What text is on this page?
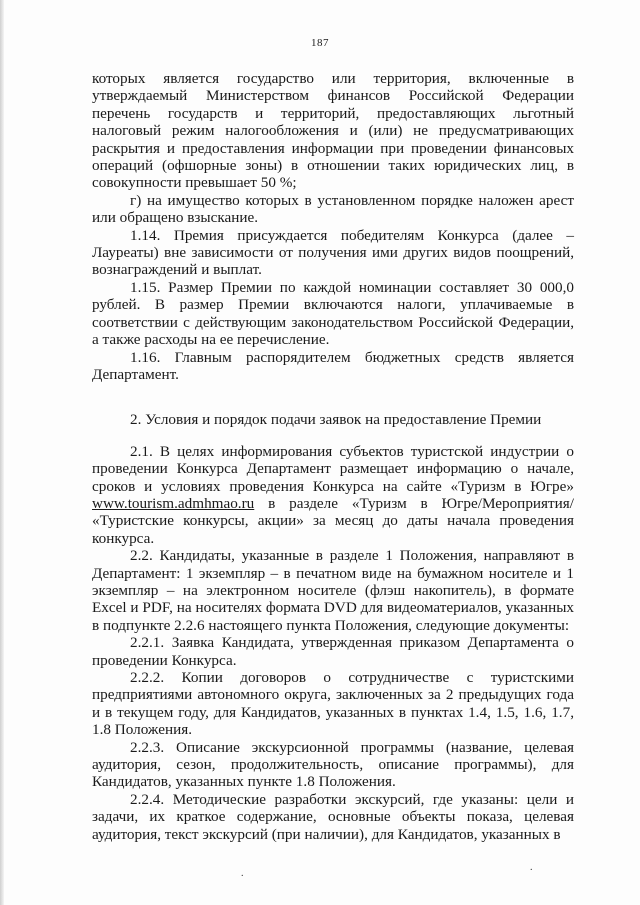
187

которых является государство или территория, включенные в утверждаемый Министерством финансов Российской Федерации перечень государств и территорий, предоставляющих льготный налоговый режим налогообложения и (или) не предусматривающих раскрытия и предоставления информации при проведении финансовых операций (офшорные зоны) в отношении таких юридических лиц, в совокупности превышает 50 %;

г) на имущество которых в установленном порядке наложен арест или обращено взыскание.

1.14. Премия присуждается победителям Конкурса (далее – Лауреаты) вне зависимости от получения ими других видов поощрений, вознаграждений и выплат.

1.15. Размер Премии по каждой номинации составляет 30 000,0 рублей. В размер Премии включаются налоги, уплачиваемые в соответствии с действующим законодательством Российской Федерации, а также расходы на ее перечисление.

1.16. Главным распорядителем бюджетных средств является Департамент.

2. Условия и порядок подачи заявок на предоставление Премии

2.1. В целях информирования субъектов туристской индустрии о проведении Конкурса Департамент размещает информацию о начале, сроков и условиях проведения Конкурса на сайте «Туризм в Югре» www.tourism.admhmao.ru в разделе «Туризм в Югре/Мероприятия/ «Туристские конкурсы, акции» за месяц до даты начала проведения конкурса.

2.2. Кандидаты, указанные в разделе 1 Положения, направляют в Департамент: 1 экземпляр – в печатном виде на бумажном носителе и 1 экземпляр – на электронном носителе (флэш накопитель), в формате Excel и PDF, на носителях формата DVD для видеоматериалов, указанных в подпункте 2.2.6 настоящего пункта Положения, следующие документы:

2.2.1. Заявка Кандидата, утвержденная приказом Департамента о проведении Конкурса.

2.2.2. Копии договоров о сотрудничестве с туристскими предприятиями автономного округа, заключенных за 2 предыдущих года и в текущем году, для Кандидатов, указанных в пунктах 1.4, 1.5, 1.6, 1.7, 1.8 Положения.

2.2.3. Описание экскурсионной программы (название, целевая аудитория, сезон, продолжительность, описание программы), для Кандидатов, указанных пункте 1.8 Положения.

2.2.4. Методические разработки экскурсий, где указаны: цели и задачи, их краткое содержание, основные объекты показа, целевая аудитория, текст экскурсий (при наличии), для Кандидатов, указанных в

.
.
